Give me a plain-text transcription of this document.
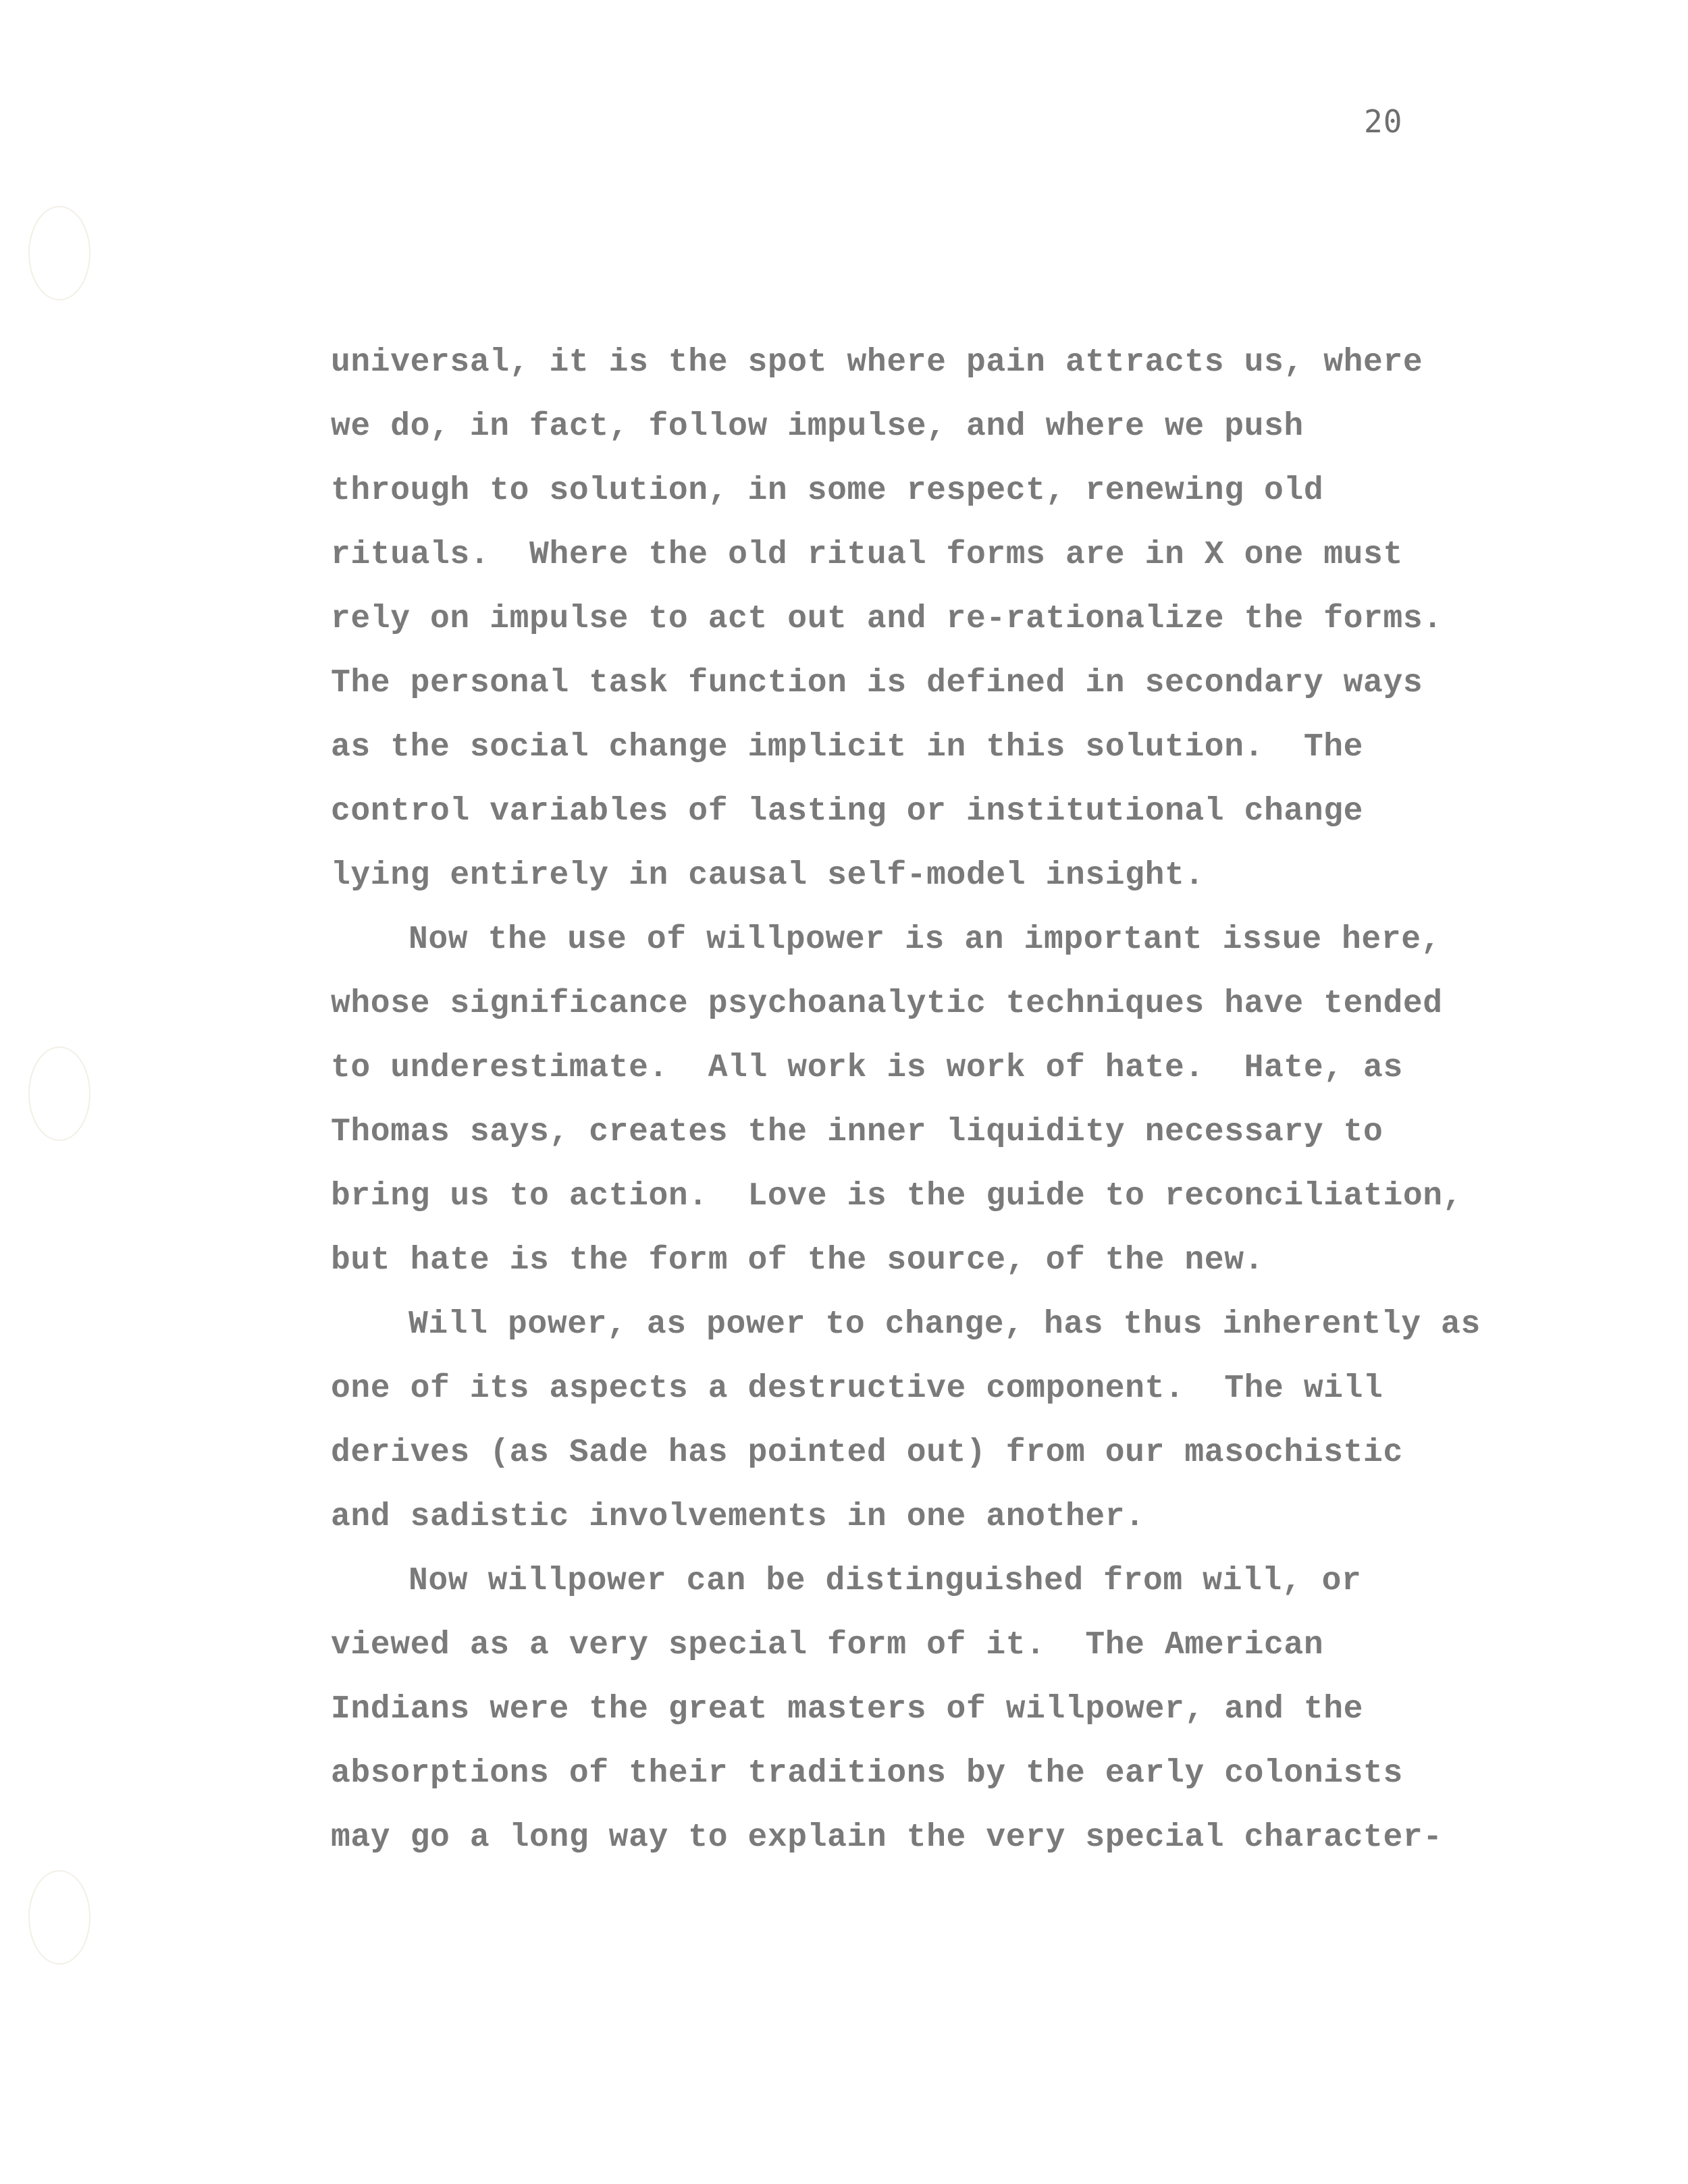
20
universal, it is the spot where pain attracts us, where
we do, in fact, follow impulse, and where we push
through to solution, in some respect, renewing old
rituals.  Where the old ritual forms are in X one must
rely on impulse to act out and re-rationalize the forms.
The personal task function is defined in secondary ways
as the social change implicit in this solution.  The
control variables of lasting or institutional change
lying entirely in causal self-model insight.
Now the use of willpower is an important issue here,
whose significance psychoanalytic techniques have tended
to underestimate.  All work is work of hate.  Hate, as
Thomas says, creates the inner liquidity necessary to
bring us to action.  Love is the guide to reconciliation,
but hate is the form of the source, of the new.
Will power, as power to change, has thus inherently as
one of its aspects a destructive component.  The will
derives (as Sade has pointed out) from our masochistic
and sadistic involvements in one another.
Now willpower can be distinguished from will, or
viewed as a very special form of it.  The American
Indians were the great masters of willpower, and the
absorptions of their traditions by the early colonists
may go a long way to explain the very special character-
